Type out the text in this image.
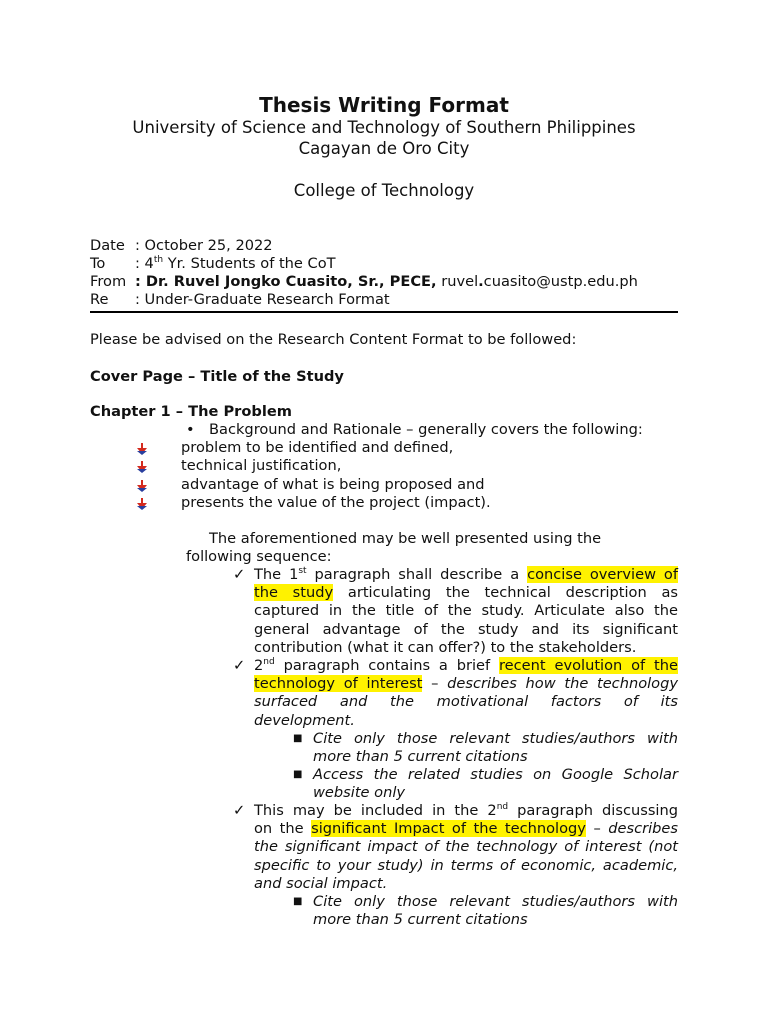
Thesis Writing Format
University of Science and Technology of Southern Philippines
Cagayan de Oro City
College of Technology
Date : October 25, 2022
To : 4th Yr. Students of the CoT
From : Dr. Ruvel Jongko Cuasito, Sr., PECE, ruvel.cuasito@ustp.edu.ph
Re : Under-Graduate Research Format
Please be advised on the Research Content Format to be followed:
Cover Page – Title of the Study
Chapter 1 – The Problem
• Background and Rationale – generally covers the following:
problem to be identified and defined,
technical justification,
advantage of what is being proposed and
presents the value of the project (impact).
The aforementioned may be well presented using the
following sequence:
✓ The 1st paragraph shall describe a concise overview of
the study articulating the technical description as
captured in the title of the study. Articulate also the
general advantage of the study and its significant
contribution (what it can offer?) to the stakeholders.
✓ 2nd paragraph contains a brief recent evolution of the
technology of interest – describes how the technology
surfaced and the motivational factors of its
development.
■ Cite only those relevant studies/authors with
more than 5 current citations
■ Access the related studies on Google Scholar
website only
✓ This may be included in the 2nd paragraph discussing
on the significant Impact of the technology – describes
the significant impact of the technology of interest (not
specific to your study) in terms of economic, academic,
and social impact.
■ Cite only those relevant studies/authors with
more than 5 current citations
